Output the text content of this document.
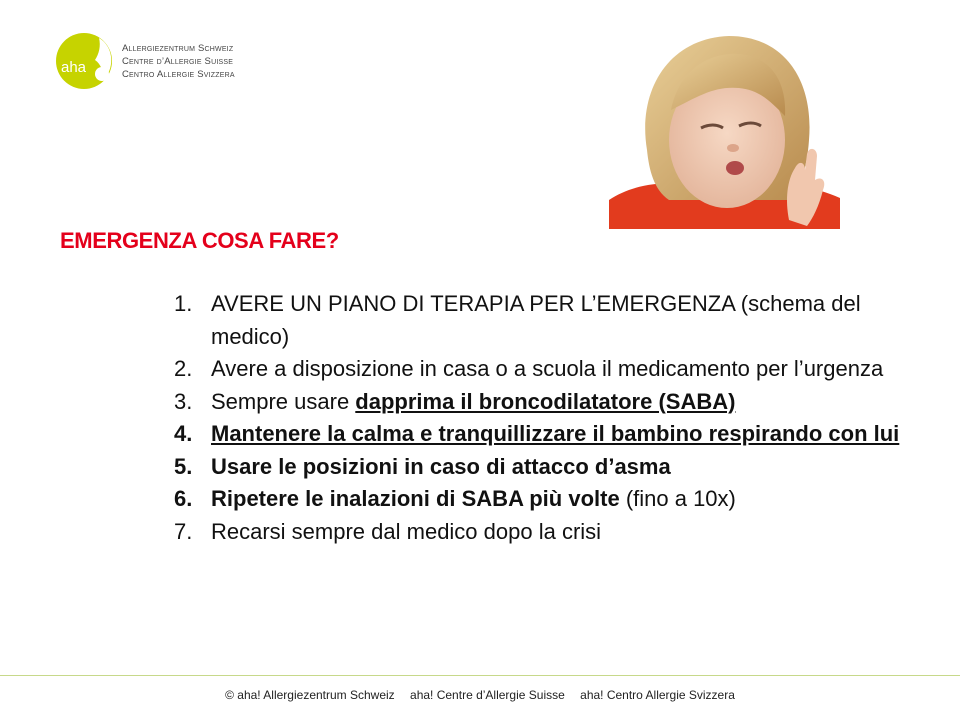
aha
Allergiezentrum Schweiz
Centre d’Allergie Suisse
Centro Allergie Svizzera
EMERGENZA COSA FARE?
1. AVERE UN PIANO DI TERAPIA PER L’EMERGENZA (schema del medico)
2. Avere a disposizione in casa o a scuola il medicamento per l’urgenza
3. Sempre usare dapprima il broncodilatatore (SABA)
4. Mantenere la calma e tranquillizzare il bambino respirando con lui
5. Usare le posizioni in caso di attacco d’asma
6. Ripetere le inalazioni di SABA più volte (fino a 10x)
7. Recarsi sempre dal medico dopo la crisi
© aha! Allergiezentrum Schweiz aha! Centre d’Allergie Suisse aha! Centro Allergie Svizzera
